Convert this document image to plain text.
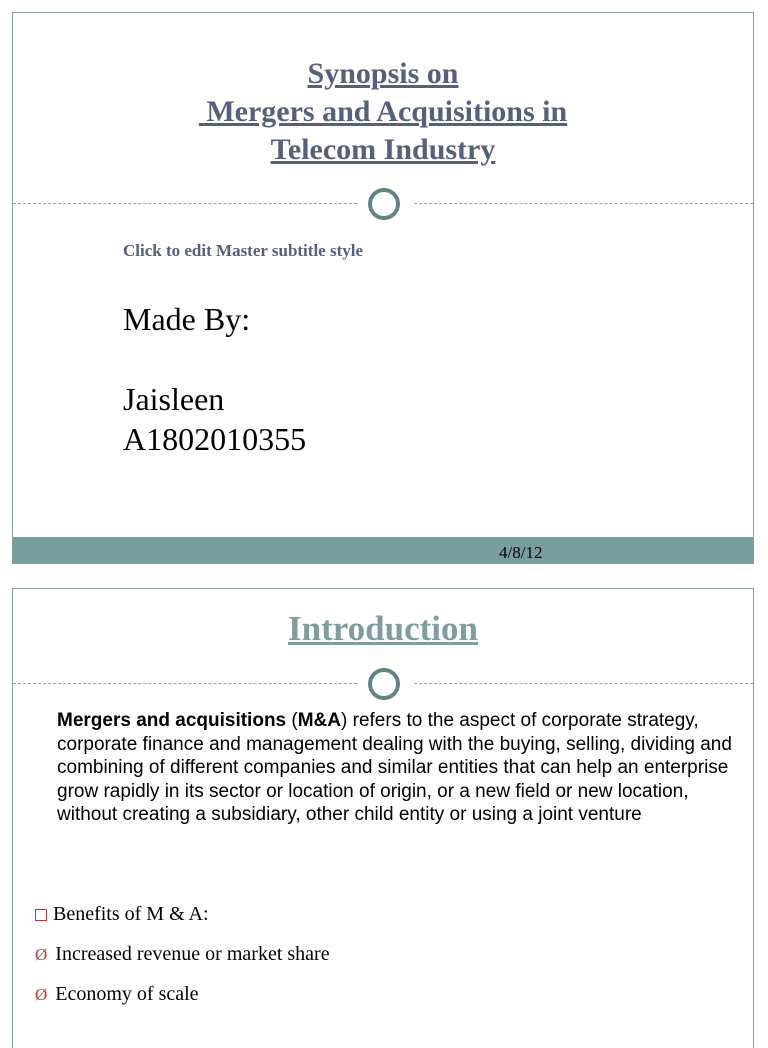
Synopsis on
Mergers and Acquisitions in
Telecom Industry
Click to edit Master subtitle style
Made By:
Jaisleen
A1802010355
4/8/12
Introduction
Mergers and acquisitions (M&A) refers to the aspect of corporate strategy, corporate finance and management dealing with the buying, selling, dividing and combining of different companies and similar entities that can help an enterprise grow rapidly in its sector or location of origin, or a new field or new location, without creating a subsidiary, other child entity or using a joint venture
Benefits of M & A:
Ø Increased revenue or market share
Ø Economy of scale
